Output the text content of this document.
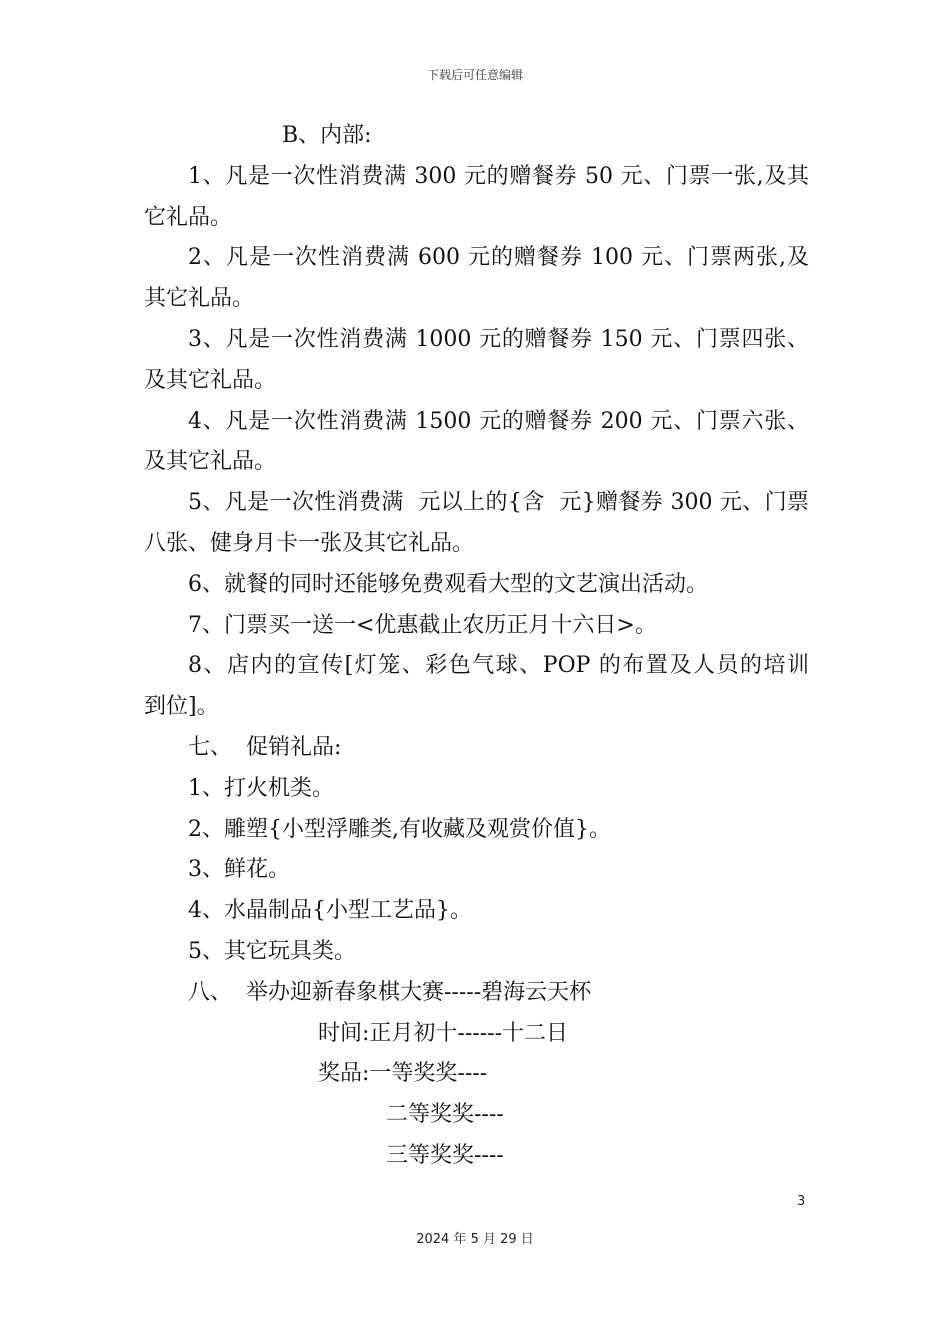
下载后可任意编辑
B、内部:
1、凡是一次性消费满 300 元的赠餐券 50 元、门票一张,及其
它礼品。
2、凡是一次性消费满 600 元的赠餐券 100 元、门票两张,及
其它礼品。
3、凡是一次性消费满 1000 元的赠餐券 150 元、门票四张、
及其它礼品。
4、凡是一次性消费满 1500 元的赠餐券 200 元、门票六张、
及其它礼品。
5、凡是一次性消费满  元以上的{含  元}赠餐券 300 元、门票
八张、健身月卡一张及其它礼品。
6、就餐的同时还能够免费观看大型的文艺演出活动。
7、门票买一送一<优惠截止农历正月十六日>。
8、店内的宣传[灯笼、彩色气球、POP 的布置及人员的培训
到位]。
七、  促销礼品:
1、打火机类。
2、雕塑{小型浮雕类,有收藏及观赏价值}。
3、鲜花。
4、水晶制品{小型工艺品}。
5、其它玩具类。
八、  举办迎新春象棋大赛-----碧海云天杯
时间:正月初十------十二日
奖品:一等奖奖----
二等奖奖----
三等奖奖----
3
2024 年 5 月 29 日
